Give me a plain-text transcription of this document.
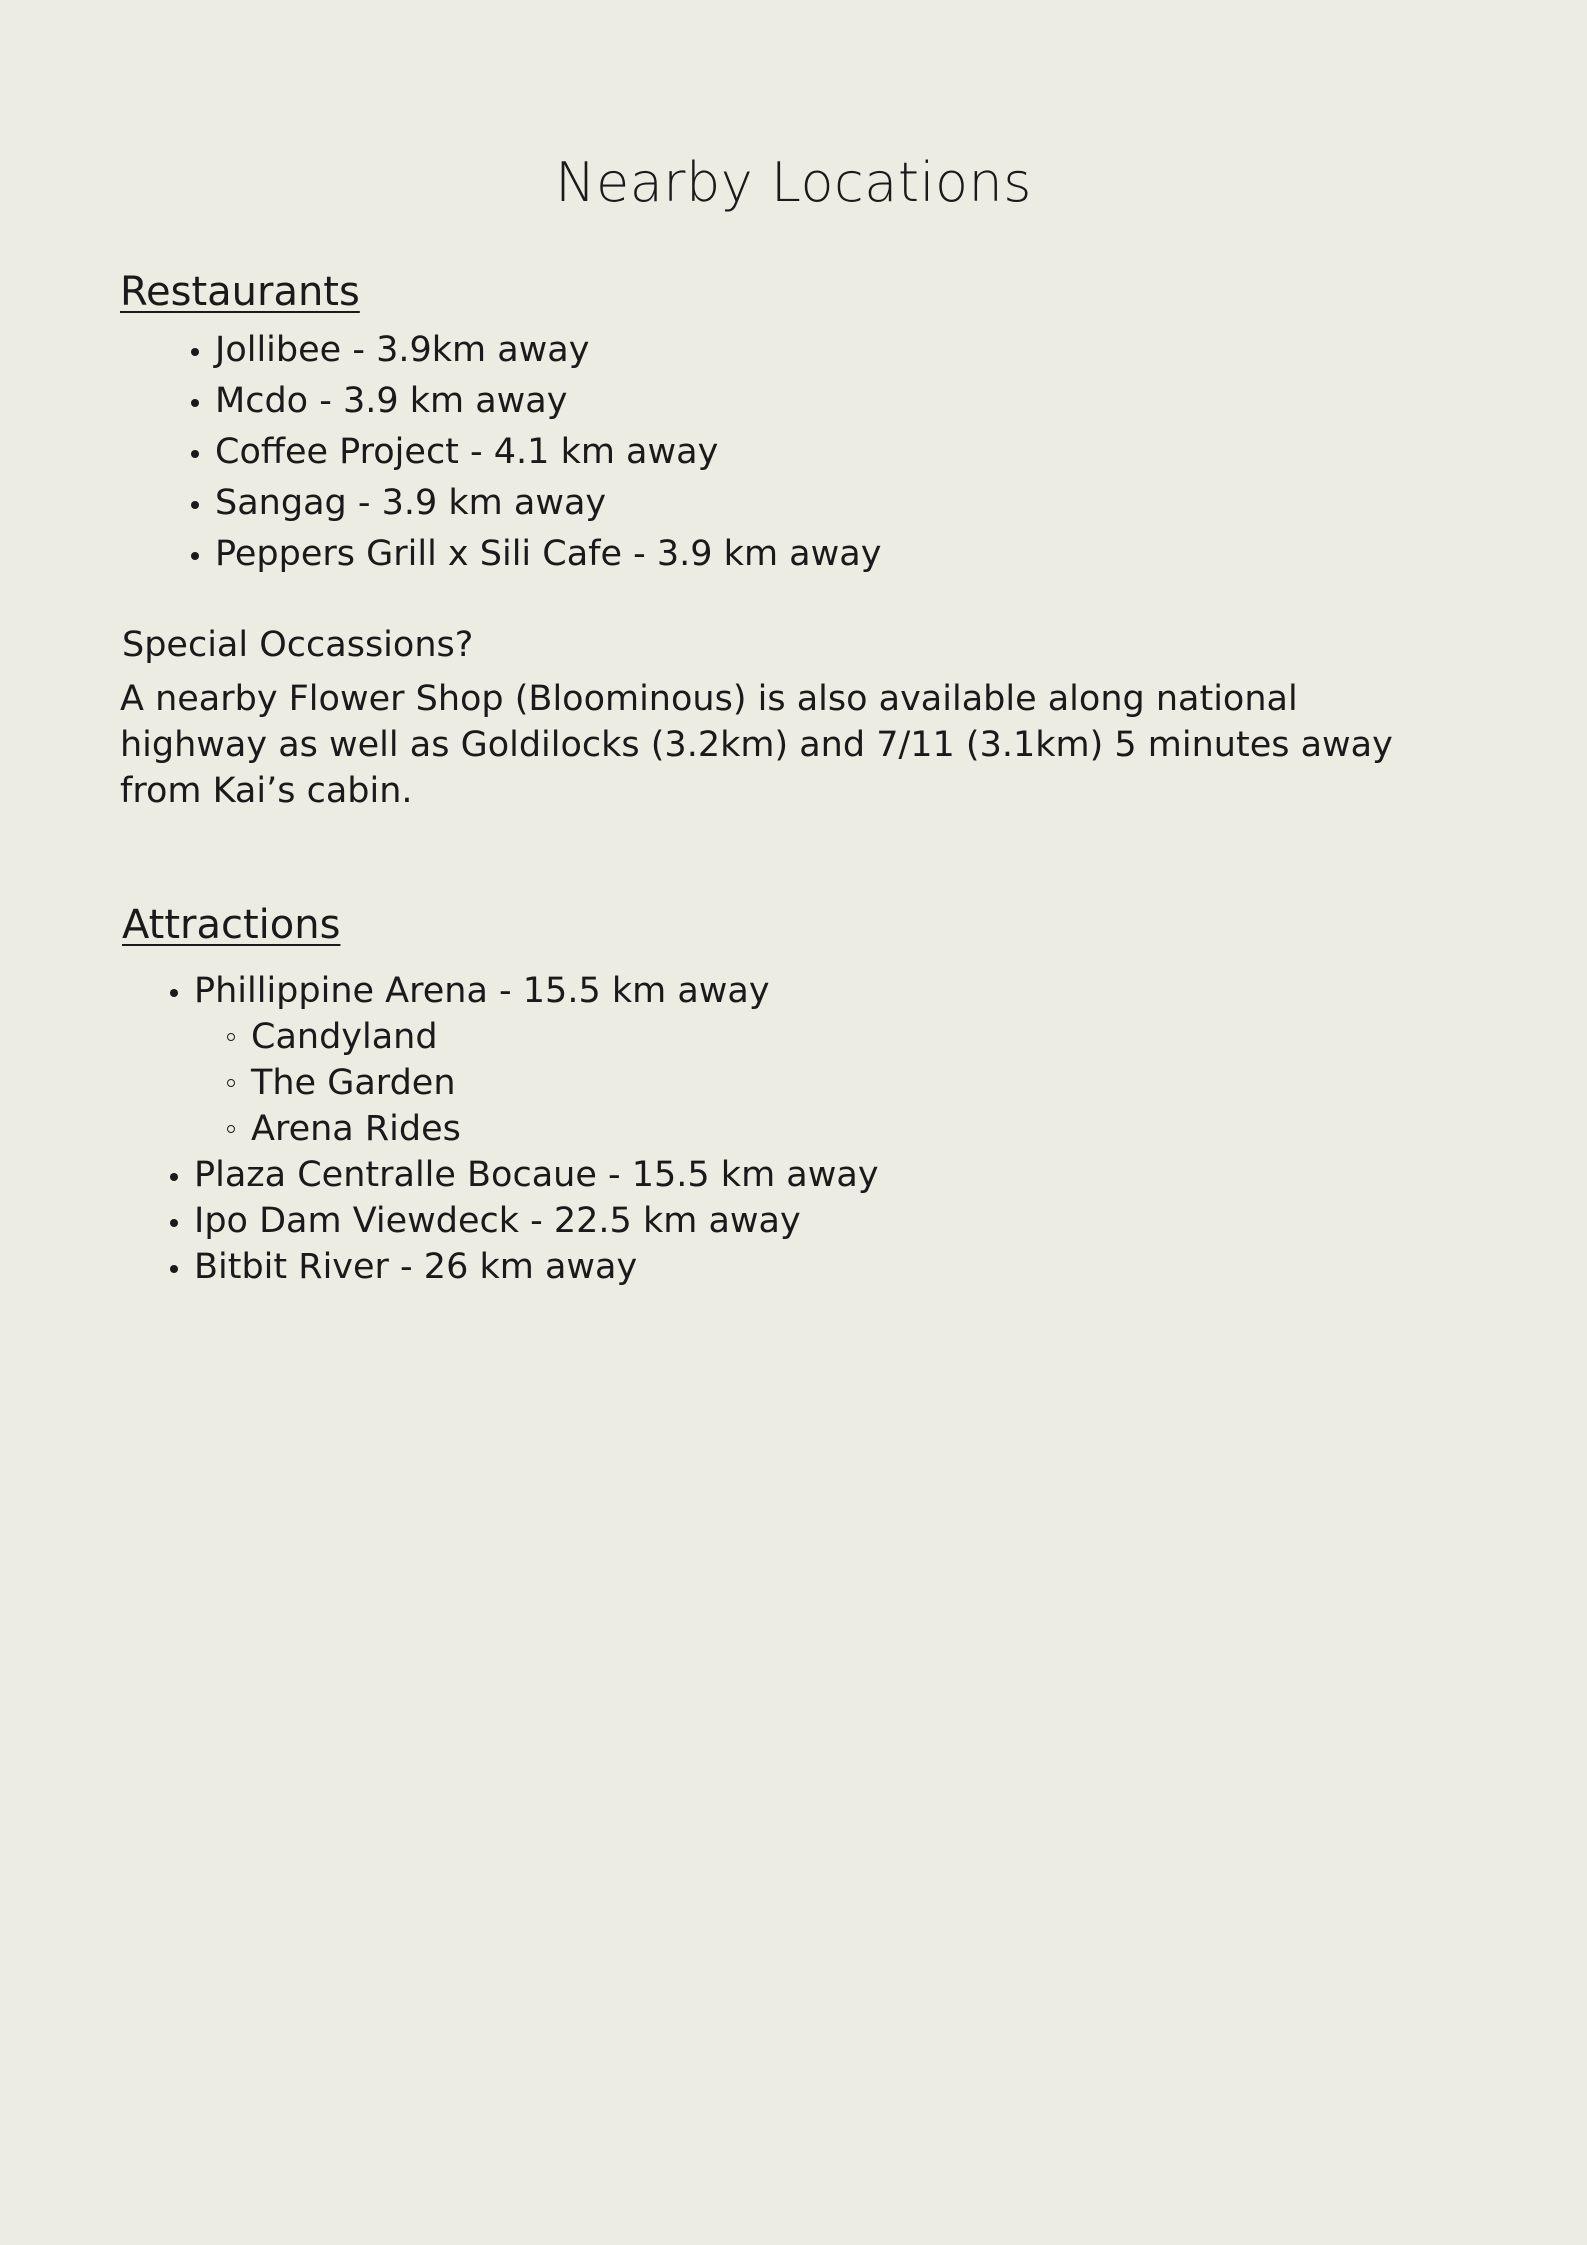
Nearby Locations
Restaurants
Jollibee - 3.9km away
Mcdo - 3.9 km away
Coffee Project - 4.1 km away
Sangag - 3.9 km away
Peppers Grill x Sili Cafe - 3.9 km away
Special Occassions?

A nearby Flower Shop (Bloominous) is also available along national highway as well as Goldilocks (3.2km) and 7/11 (3.1km) 5 minutes away from Kai’s cabin.

Attractions
Phillippine Arena - 15.5 km away
Candyland
The Garden
Arena Rides
Plaza Centralle Bocaue - 15.5 km away
Ipo Dam Viewdeck - 22.5 km away
Bitbit River - 26 km away
